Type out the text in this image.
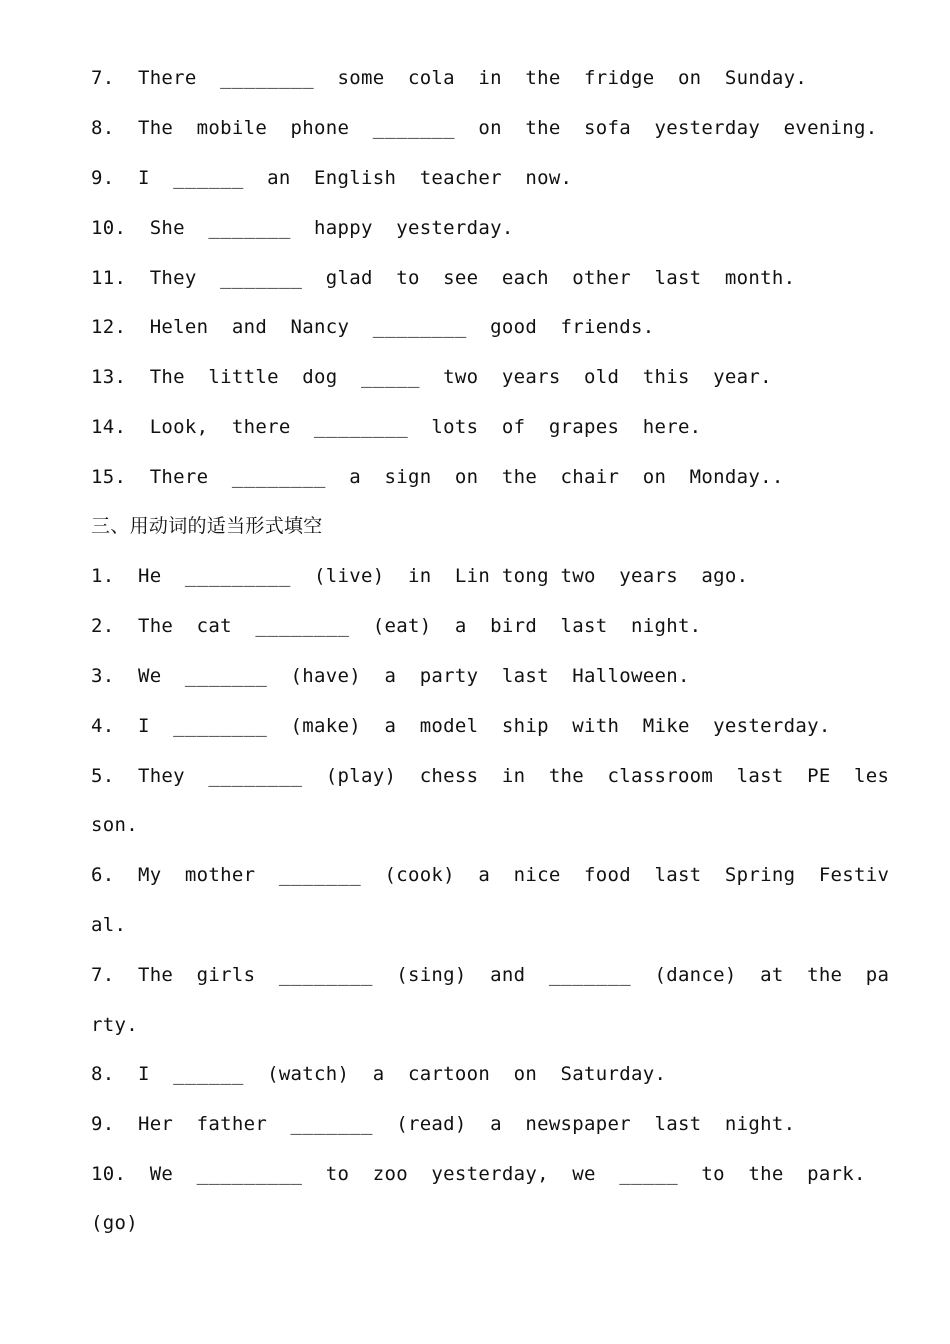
7.  There  ________  some  cola  in  the  fridge  on  Sunday.
8.  The  mobile  phone  _______  on  the  sofa  yesterday  evening.
9.  I  ______  an  English  teacher  now.
10.  She  _______  happy  yesterday.
11.  They  _______  glad  to  see  each  other  last  month.
12.  Helen  and  Nancy  ________  good  friends.
13.  The  little  dog  _____  two  years  old  this  year.
14.  Look,  there  ________  lots  of  grapes  here.
15.  There  ________  a  sign  on  the  chair  on  Monday..
三、用动词的适当形式填空
1.  He  _________  (live)  in  Lin tong two  years  ago.
2.  The  cat  ________  (eat)  a  bird  last  night.
3.  We  _______  (have)  a  party  last  Halloween.
4.  I  ________  (make)  a  model  ship  with  Mike  yesterday.
5.  They  ________  (play)  chess  in  the  classroom  last  PE  les
son.
6.  My  mother  _______  (cook)  a  nice  food  last  Spring  Festiv
al.
7.  The  girls  ________  (sing)  and  _______  (dance)  at  the  pa
rty.
8.  I  ______  (watch)  a  cartoon  on  Saturday.
9.  Her  father  _______  (read)  a  newspaper  last  night.
10.  We  _________  to  zoo  yesterday,  we  _____  to  the  park.
(go)
